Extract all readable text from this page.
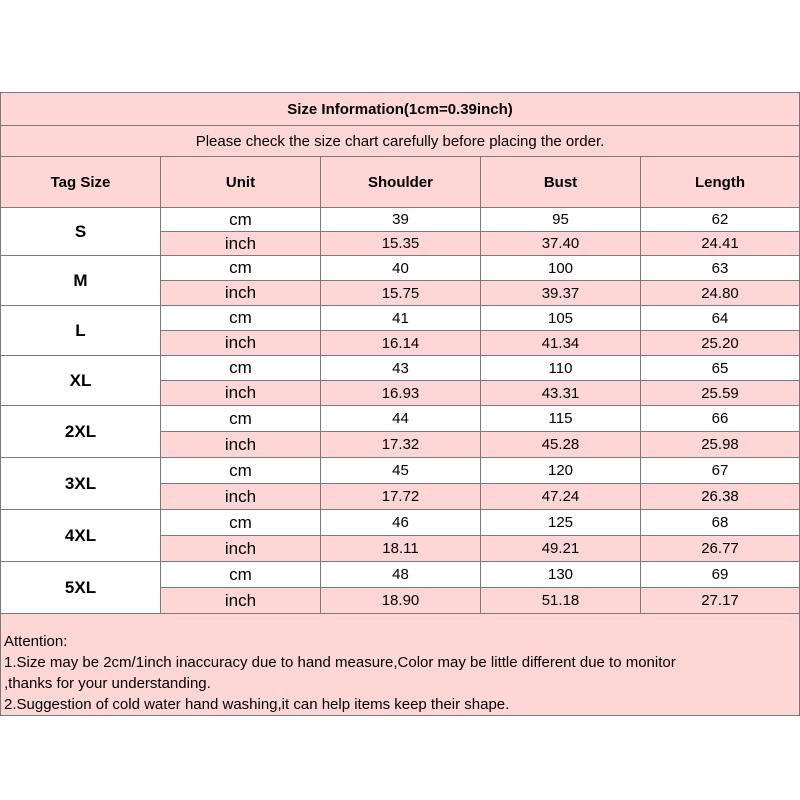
Size Information(1cm=0.39inch)				
Please check the size chart carefully before placing the order.				
Tag Size	Unit	Shoulder	Bust	Length
S	cm	39	95	62
	inch	15.35	37.40	24.41
M	cm	40	100	63
	inch	15.75	39.37	24.80
L	cm	41	105	64
	inch	16.14	41.34	25.20
XL	cm	43	110	65
	inch	16.93	43.31	25.59
2XL	cm	44	115	66
	inch	17.32	45.28	25.98
3XL	cm	45	120	67
	inch	17.72	47.24	26.38
4XL	cm	46	125	68
	inch	18.11	49.21	26.77
5XL	cm	48	130	69
	inch	18.90	51.18	27.17

Attention:
1.Size may be 2cm/1inch inaccuracy due to hand measure,Color may be little different due to monitor
,thanks for your understanding.
2.Suggestion of cold water hand washing,it can help items keep their shape.				
